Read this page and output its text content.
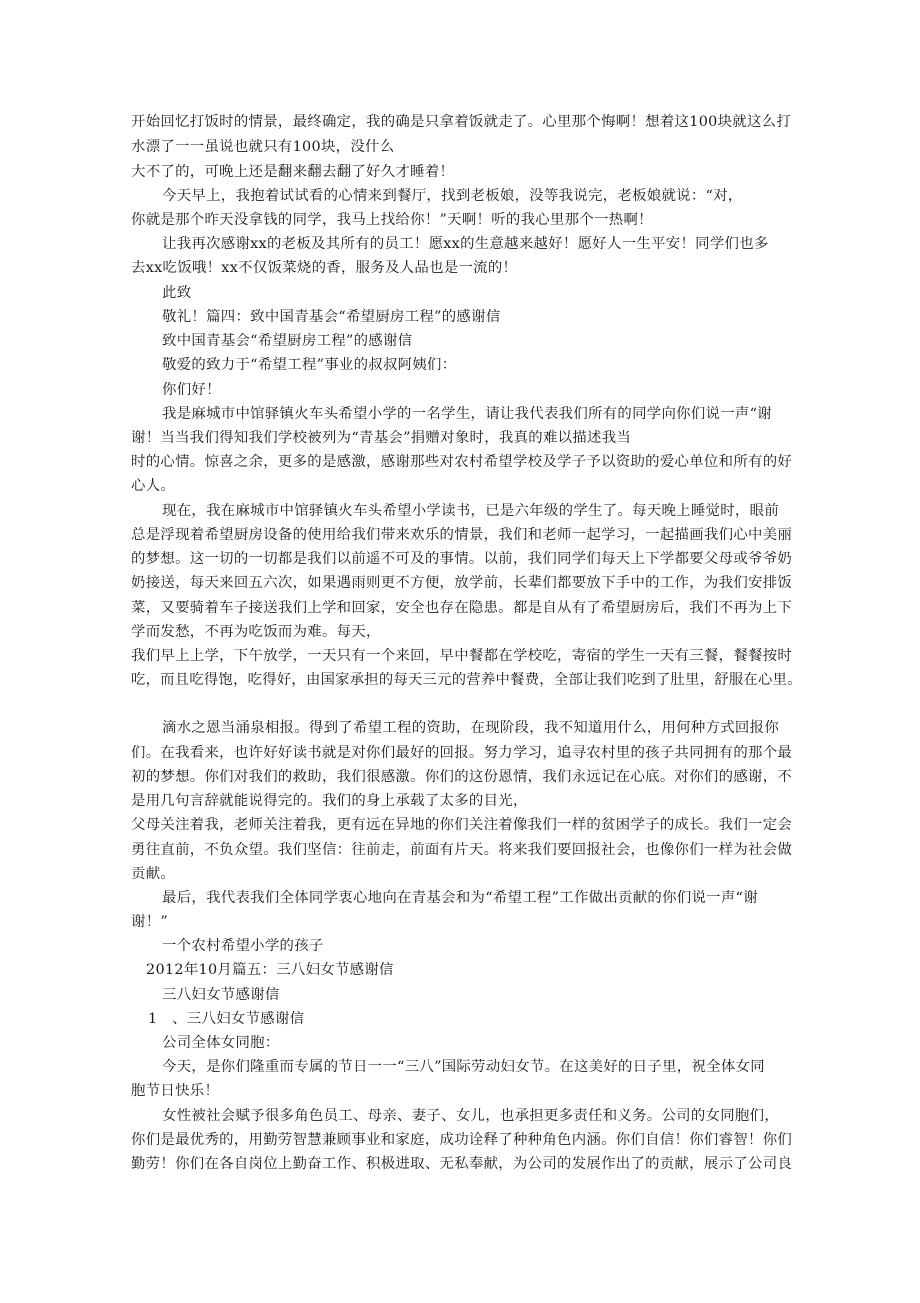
开始回忆打饭时的情景，最终确定，我的确是只拿着饭就走了。心里那个悔啊！想着这100块就这么打
水漂了一一虽说也就只有100块，没什么
大不了的，可晚上还是翻来翻去翻了好久才睡着！
今天早上，我抱着试试看的心情来到餐厅，找到老板娘，没等我说完，老板娘就说：“对，
你就是那个昨天没拿钱的同学，我马上找给你！”天啊！听的我心里那个一热啊！
让我再次感谢xx的老板及其所有的员工！愿xx的生意越来越好！愿好人一生平安！同学们也多
去xx吃饭哦！xx不仅饭菜烧的香，服务及人品也是一流的！
此致
敬礼！篇四：致中国青基会“希望厨房工程”的感谢信
致中国青基会“希望厨房工程”的感谢信
敬爱的致力于“希望工程”事业的叔叔阿姨们：
你们好！
我是麻城市中馆驿镇火车头希望小学的一名学生，请让我代表我们所有的同学向你们说一声“谢
谢！当当我们得知我们学校被列为“青基会”捐赠对象时，我真的难以描述我当
时的心情。惊喜之余，更多的是感激，感谢那些对农村希望学校及学子予以资助的爱心单位和所有的好
心人。
现在，我在麻城市中馆驿镇火车头希望小学读书，已是六年级的学生了。每天晚上睡觉时，眼前
总是浮现着希望厨房设备的使用给我们带来欢乐的情景，我们和老师一起学习，一起描画我们心中美丽
的梦想。这一切的一切都是我们以前遥不可及的事情。以前，我们同学们每天上下学都要父母或爷爷奶
奶接送，每天来回五六次，如果遇雨则更不方便，放学前，长辈们都要放下手中的工作，为我们安排饭
菜，又要骑着车子接送我们上学和回家，安全也存在隐患。都是自从有了希望厨房后，我们不再为上下
学而发愁，不再为吃饭而为难。每天，
我们早上上学，下午放学，一天只有一个来回，早中餐都在学校吃，寄宿的学生一天有三餐，餐餐按时
吃，而且吃得饱，吃得好，由国家承担的每天三元的营养中餐费，全部让我们吃到了肚里，舒服在心里。
滴水之恩当涌泉相报。得到了希望工程的资助，在现阶段，我不知道用什么，用何种方式回报你
们。在我看来，也许好好读书就是对你们最好的回报。努力学习，追寻农村里的孩子共同拥有的那个最
初的梦想。你们对我们的救助，我们很感激。你们的这份恩情，我们永远记在心底。对你们的感谢，不
是用几句言辞就能说得完的。我们的身上承载了太多的目光，
父母关注着我，老师关注着我，更有远在异地的你们关注着像我们一样的贫困学子的成长。我们一定会
勇往直前，不负众望。我们坚信：往前走，前面有片天。将来我们要回报社会，也像你们一样为社会做
贡献。
最后，我代表我们全体同学衷心地向在青基会和为“希望工程”工作做出贡献的你们说一声“谢
谢！”
一个农村希望小学的孩子
2012年10月篇五：三八妇女节感谢信
三八妇女节感谢信
1　、三八妇女节感谢信
公司全体女同胞：
今天，是你们隆重而专属的节日一一“三八”国际劳动妇女节。在这美好的日子里，祝全体女同
胞节日快乐！
女性被社会赋予很多角色员工、母亲、妻子、女儿，也承担更多责任和义务。公司的女同胞们，
你们是最优秀的，用勤劳智慧兼顾事业和家庭，成功诠释了种种角色内涵。你们自信！你们睿智！你们
勤劳！你们在各自岗位上勤奋工作、积极进取、无私奉献，为公司的发展作出了的贡献，展示了公司良
